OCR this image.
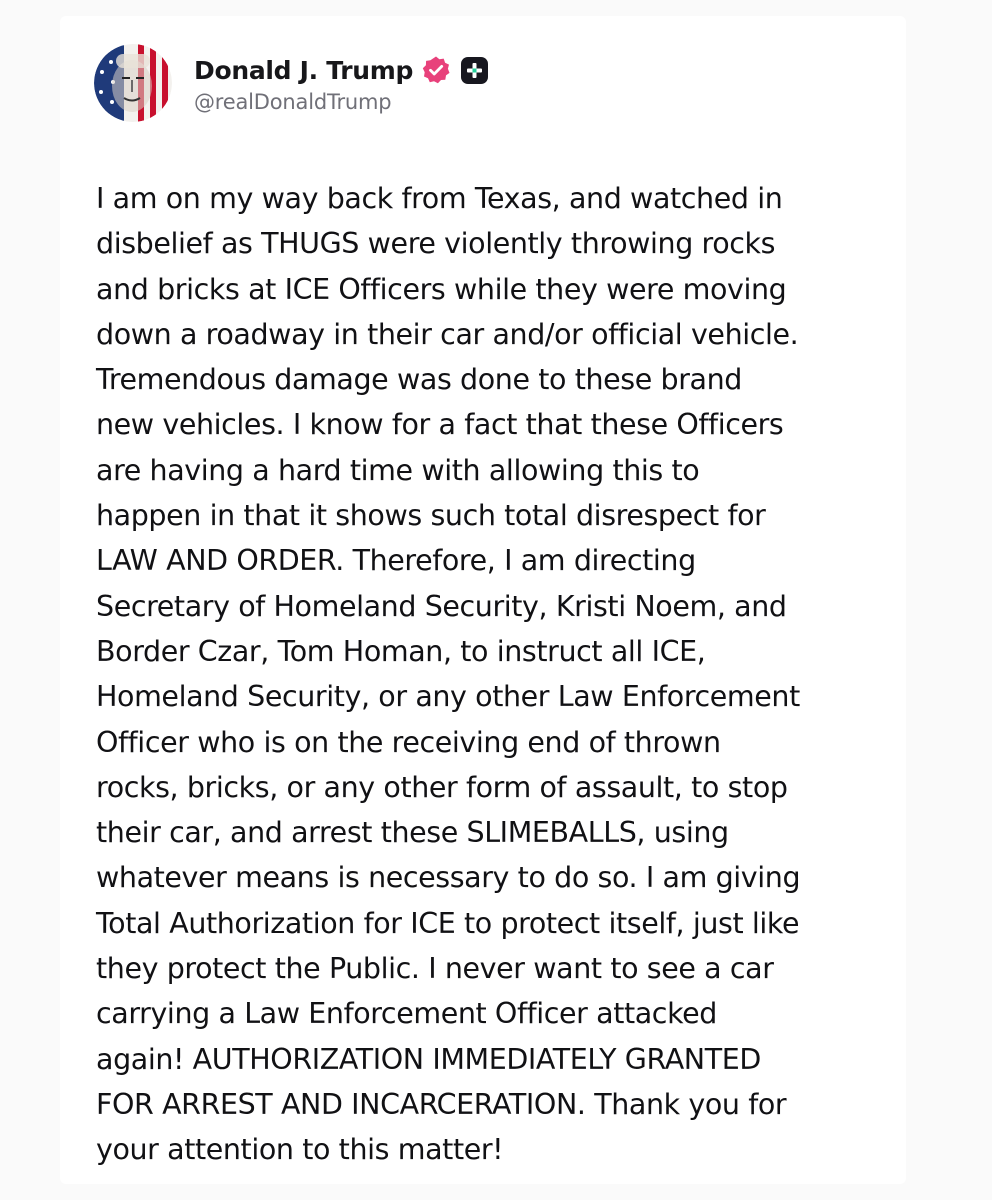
Donald J. Trump
@realDonaldTrump
I am on my way back from Texas, and watched in
disbelief as THUGS were violently throwing rocks
and bricks at ICE Officers while they were moving
down a roadway in their car and/or official vehicle.
Tremendous damage was done to these brand
new vehicles. I know for a fact that these Officers
are having a hard time with allowing this to
happen in that it shows such total disrespect for
LAW AND ORDER. Therefore, I am directing
Secretary of Homeland Security, Kristi Noem, and
Border Czar, Tom Homan, to instruct all ICE,
Homeland Security, or any other Law Enforcement
Officer who is on the receiving end of thrown
rocks, bricks, or any other form of assault, to stop
their car, and arrest these SLIMEBALLS, using
whatever means is necessary to do so. I am giving
Total Authorization for ICE to protect itself, just like
they protect the Public. I never want to see a car
carrying a Law Enforcement Officer attacked
again! AUTHORIZATION IMMEDIATELY GRANTED
FOR ARREST AND INCARCERATION. Thank you for
your attention to this matter!
